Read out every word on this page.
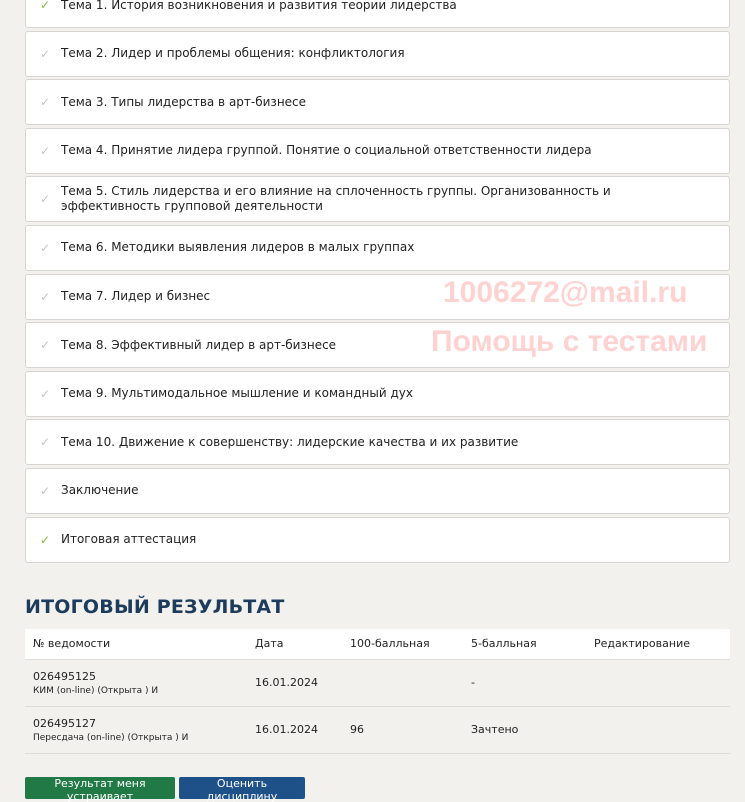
✓ Тема 1. История возникновения и развития теории лидерства
✓ Тема 2. Лидер и проблемы общения: конфликтология
✓ Тема 3. Типы лидерства в арт-бизнесе
✓ Тема 4. Принятие лидера группой. Понятие о социальной ответственности лидера
✓
Тема 5. Стиль лидерства и его влияние на сплоченность группы. Организованность и эффективность групповой деятельности
✓ Тема 6. Методики выявления лидеров в малых группах
✓ Тема 7. Лидер и бизнес
✓ Тема 8. Эффективный лидер в арт-бизнесе
✓ Тема 9. Мультимодальное мышление и командный дух
✓ Тема 10. Движение к совершенству: лидерские качества и их развитие
✓ Заключение
✓ Итоговая аттестация
1006272@mail.ru
Помощь с тестами
ИТОГОВЫЙ РЕЗУЛЬТАТ
№ ведомости	Дата	100-балльная	5-балльная	Редактирование

026495125
КИМ (on-line) (Открыта ) И	16.01.2024		-	

026495127
Пересдача (on-line) (Открыта ) И	16.01.2024	96	Зачтено	
Результат меня устраивает
Оценить дисциплину
